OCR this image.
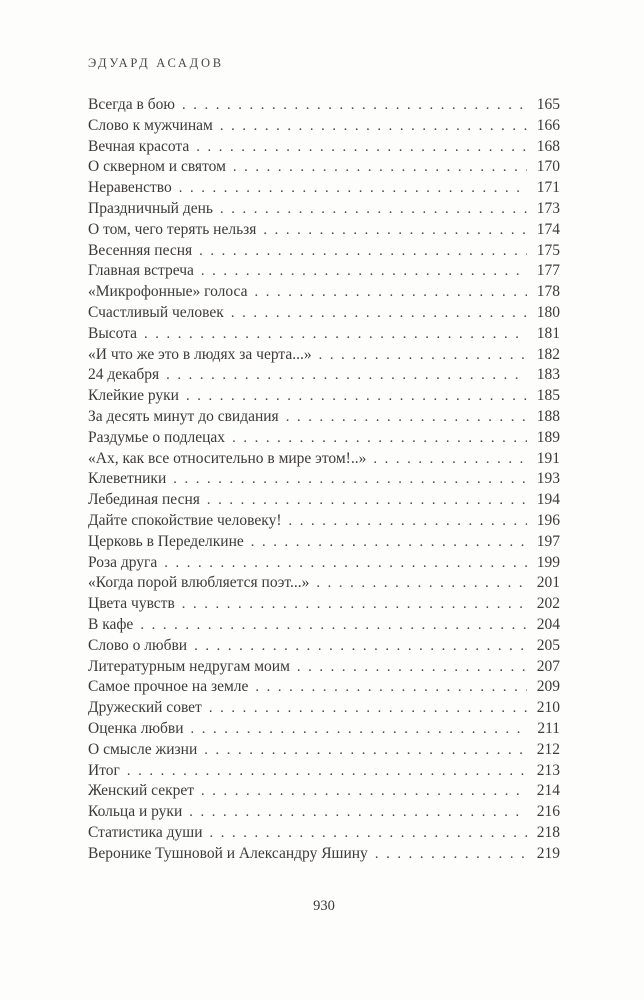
ЭДУАРД АСАДОВ
Всегда в бою . . .	165
Слово к мужчинам . . .	166
Вечная красота . . .	168
О скверном и святом . . .	170
Неравенство . . .	171
Праздничный день . . .	173
О том, чего терять нельзя . . .	174
Весенняя песня . . .	175
Главная встреча . . .	177
«Микрофонные» голоса . . .	178
Счастливый человек . . .	180
Высота . . .	181
«И что же это в людях за черта...» . . .	182
24 декабря . . .	183
Клейкие руки . . .	185
За десять минут до свидания . . .	188
Раздумье о подлецах . . .	189
«Ах, как все относительно в мире этом!..» . . .	191
Клеветники . . .	193
Лебединая песня . . .	194
Дайте спокойствие человеку! . . .	196
Церковь в Переделкине . . .	197
Роза друга . . .	199
«Когда порой влюбляется поэт...» . . .	201
Цвета чувств . . .	202
В кафе . . .	204
Слово о любви . . .	205
Литературным недругам моим . . .	207
Самое прочное на земле . . .	209
Дружеский совет . . .	210
Оценка любви . . .	211
О смысле жизни . . .	212
Итог . . .	213
Женский секрет . . .	214
Кольца и руки . . .	216
Статистика души . . .	218
Веронике Тушновой и Александру Яшину . . .	219
930
